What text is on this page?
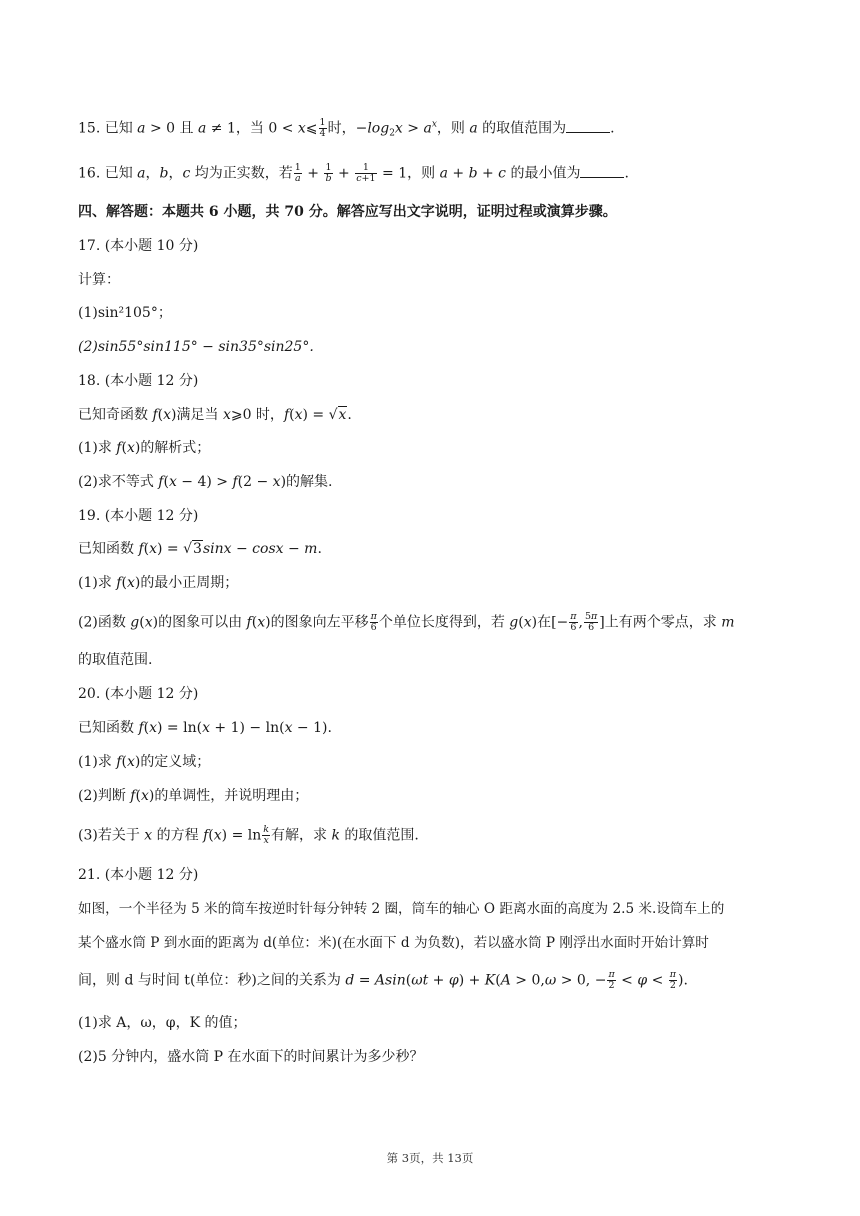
15. 已知 a > 0 且 a ≠ 1，当 0 < x⩽ $\frac{1}{4}$ 时，$-\log_2x > a^x$，则 a 的取值范围为	.
16. 已知 a，b，c 均为正实数，若 $\frac{1}{a} + \frac{1}{b} + \frac{1}{c+1} = 1$，则 a + b + c 的最小值为	.
四、解答题：本题共 6 小题，共 70 分。解答应写出文字说明，证明过程或演算步骤。
17. (本小题 10 分)
计算：
(1)sin²105°；
(2)sin55°sin115° − sin35°sin25°.
18. (本小题 12 分)
已知奇函数 f(x)满足当 x⩾0 时，f(x) = √x.
(1)求 f(x)的解析式；
(2)求不等式 f(x − 4) > f(2 − x)的解集.
19. (本小题 12 分)
已知函数 f(x) = √3sinx − cosx − m.
(1)求 f(x)的最小正周期；
(2)函数 g(x)的图象可以由 f(x)的图象向左平移 $\frac{\pi}{6}$ 个单位长度得到，若 g(x)在[− $\frac{\pi}{6}$ , $\frac{5\pi}{6}$ ]上有两个零点，求 m
的取值范围.
20. (本小题 12 分)
已知函数 f(x) = ln(x + 1) − ln(x − 1).
(1)求 f(x)的定义域；
(2)判断 f(x)的单调性，并说明理由；
(3)若关于 x 的方程 $f(x) = \ln \frac{k}{x}$ 有解，求 k 的取值范围.
21. (本小题 12 分)
如图，一个半径为 5 米的筒车按逆时针每分钟转 2 圈，筒车的轴心 O 距离水面的高度为 2.5 米.设筒车上的
某个盛水筒 P 到水面的距离为 d(单位：米)(在水面下 d 为负数)，若以盛水筒 P 刚浮出水面时开始计算时
间，则 d 与时间 t(单位：秒)之间的关系为 d = Asin(ωt + φ) + K(A > 0,ω > 0, − $\frac{\pi}{2} < \varphi < \frac{\pi}{2}$ ).
(1)求 A，ω，φ，K 的值；
(2)5 分钟内，盛水筒 P 在水面下的时间累计为多少秒？
第 3页，共 13页
